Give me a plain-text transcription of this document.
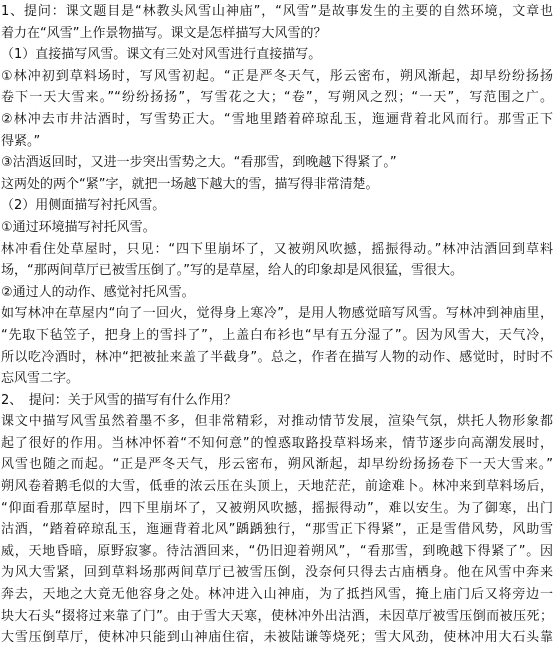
1、提问：课文题目是“林教头风雪山神庙”，“风雪”是故事发生的主要的自然环境，文章也
着力在“风雪”上作景物描写。课文是怎样描写大风雪的？
（1）直接描写风雪。课文有三处对风雪进行直接描写。
①林冲初到草料场时，写风雪初起。“正是严冬天气，彤云密布，朔风渐起，却早纷纷扬扬
卷下一天大雪来。”“纷纷扬扬”，写雪花之大；“卷”，写朔风之烈；“一天”，写范围之广。
②林冲去市井沽酒时，写雪势正大。“雪地里踏着碎琼乱玉，迤逦背着北风而行。那雪正下
得紧。”
③沽酒返回时，又进一步突出雪势之大。“看那雪，到晚越下得紧了。”
这两处的两个“紧”字，就把一场越下越大的雪，描写得非常清楚。
（2）用侧面描写衬托风雪。
①通过环境描写衬托风雪。
林冲看住处草屋时，只见：“四下里崩坏了，又被朔风吹撼，摇振得动。”林冲沽酒回到草料
场，“那两间草厅已被雪压倒了。”写的是草屋，给人的印象却是风很猛，雪很大。
②通过人的动作、感觉衬托风雪。
如写林冲在草屋内“向了一回火，觉得身上寒冷”，是用人物感觉暗写风雪。写林冲到神庙里，
“先取下毡笠子，把身上的雪抖了”，上盖白布衫也“早有五分湿了”。因为风雪大，天气冷，
所以吃冷酒时，林冲“把被扯来盖了半截身”。总之，作者在描写人物的动作、感觉时，时时不
忘风雪二字。
2、　提问：关于风雪的描写有什么作用？
课文中描写风雪虽然着墨不多，但非常精彩，对推动情节发展，渲染气氛，烘托人物形象都
起了很好的作用。当林冲怀着“不知何意”的惶惑取路投草料场来，情节逐步向高潮发展时，
风雪也随之而起。“正是严冬天气，彤云密布，朔风渐起，却早纷纷扬扬卷下一天大雪来。”
朔风卷着鹅毛似的大雪，低垂的浓云压在头顶上，天地茫茫，前途难卜。林冲来到草料场后，
“仰面看那草屋时，四下里崩坏了，又被朔风吹撼，摇振得动”，难以安生。为了御寒，出门
沽酒，“踏着碎琼乱玉，迤逦背着北风”踽踽独行，“那雪正下得紧”，正是雪借风势，风助雪
威，天地昏暗，原野寂寥。待沽酒回来，“仍旧迎着朔风”，“看那雪，到晚越下得紧了”。因
为风大雪紧，回到草料场那两间草厅已被雪压倒，没奈何只得去古庙栖身。他在风雪中奔来
奔去，天地之大竟无他容身之处。林冲进入山神庙，为了抵挡风雪，掩上庙门后又将旁边一
块大石头“掇将过来靠了门”。由于雪大天寒，使林冲外出沽酒，未因草厅被雪压倒而被压死；
大雪压倒草厅，使林冲只能到山神庙住宿，未被陆谦等烧死；雪大风劲，使林冲用大石头靠
